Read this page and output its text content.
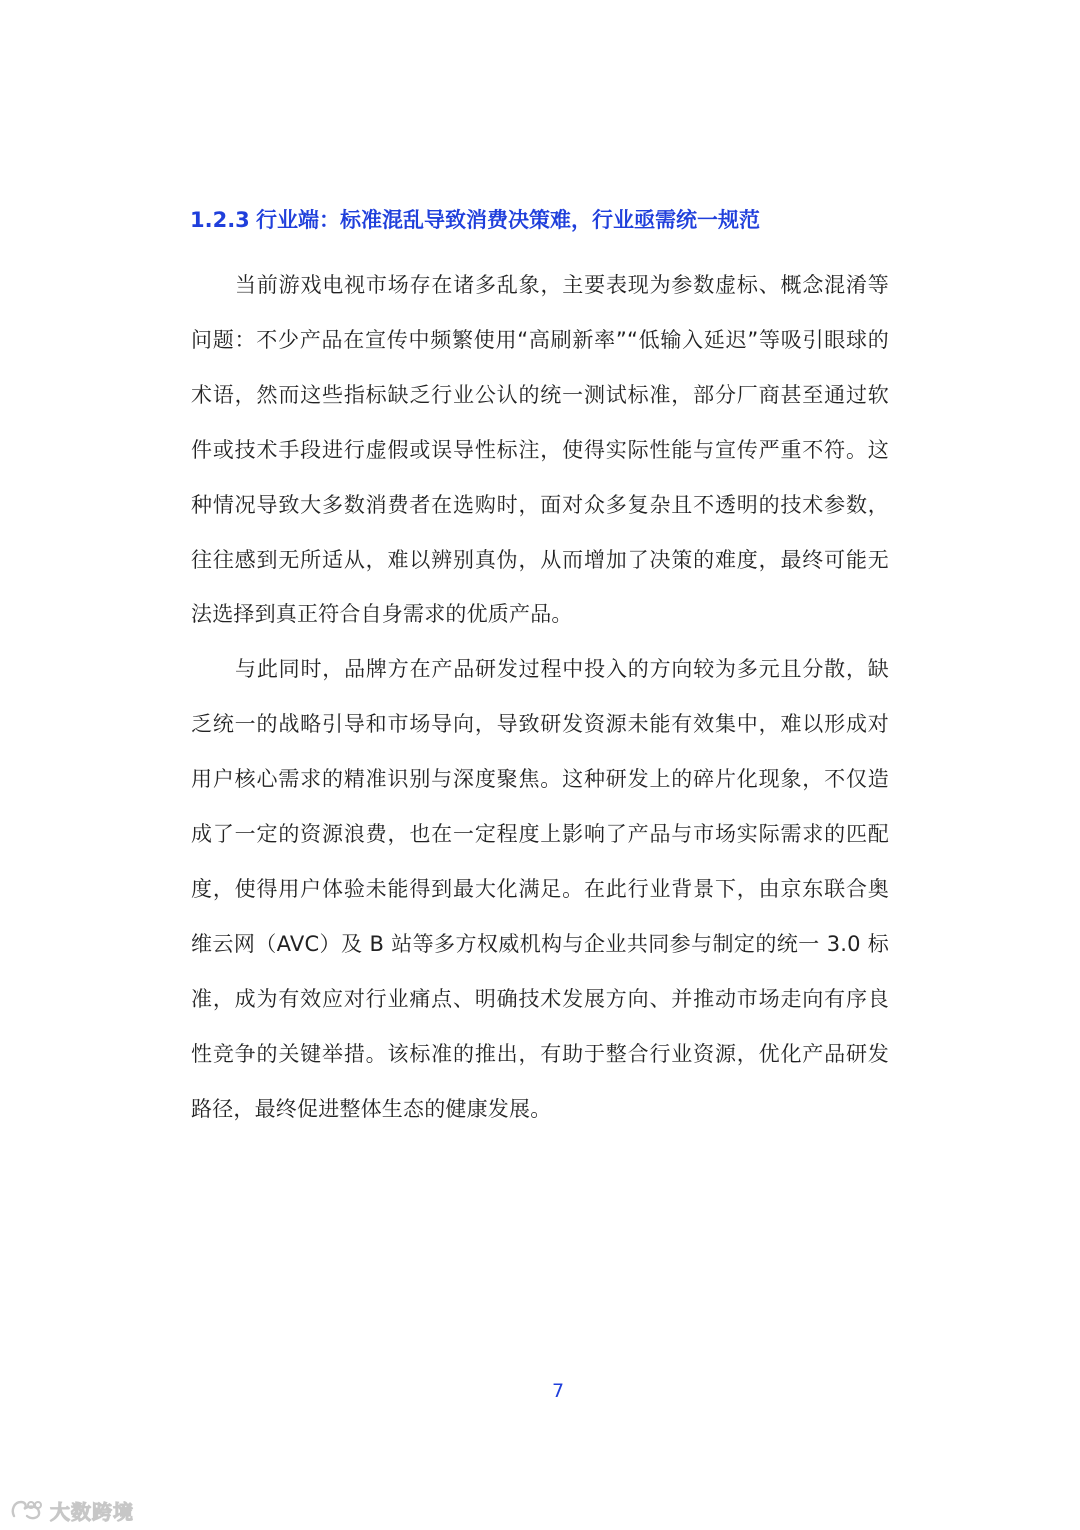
1.2.3 行业端：标准混乱导致消费决策难，行业亟需统一规范

当前游戏电视市场存在诸多乱象，主要表现为参数虚标、概念混淆等问题：不少产品在宣传中频繁使用“高刷新率”“低输入延迟”等吸引眼球的术语，然而这些指标缺乏行业公认的统一测试标准，部分厂商甚至通过软件或技术手段进行虚假或误导性标注，使得实际性能与宣传严重不符。这种情况导致大多数消费者在选购时，面对众多复杂且不透明的技术参数，往往感到无所适从，难以辨别真伪，从而增加了决策的难度，最终可能无法选择到真正符合自身需求的优质产品。

与此同时，品牌方在产品研发过程中投入的方向较为多元且分散，缺乏统一的战略引导和市场导向，导致研发资源未能有效集中，难以形成对用户核心需求的精准识别与深度聚焦。这种研发上的碎片化现象，不仅造成了一定的资源浪费，也在一定程度上影响了产品与市场实际需求的匹配度，使得用户体验未能得到最大化满足。在此行业背景下，由京东联合奥维云网（AVC）及 B 站等多方权威机构与企业共同参与制定的统一 3.0 标准，成为有效应对行业痛点、明确技术发展方向、并推动市场走向有序良性竞争的关键举措。该标准的推出，有助于整合行业资源，优化产品研发路径，最终促进整体生态的健康发展。

7
大数跨境
